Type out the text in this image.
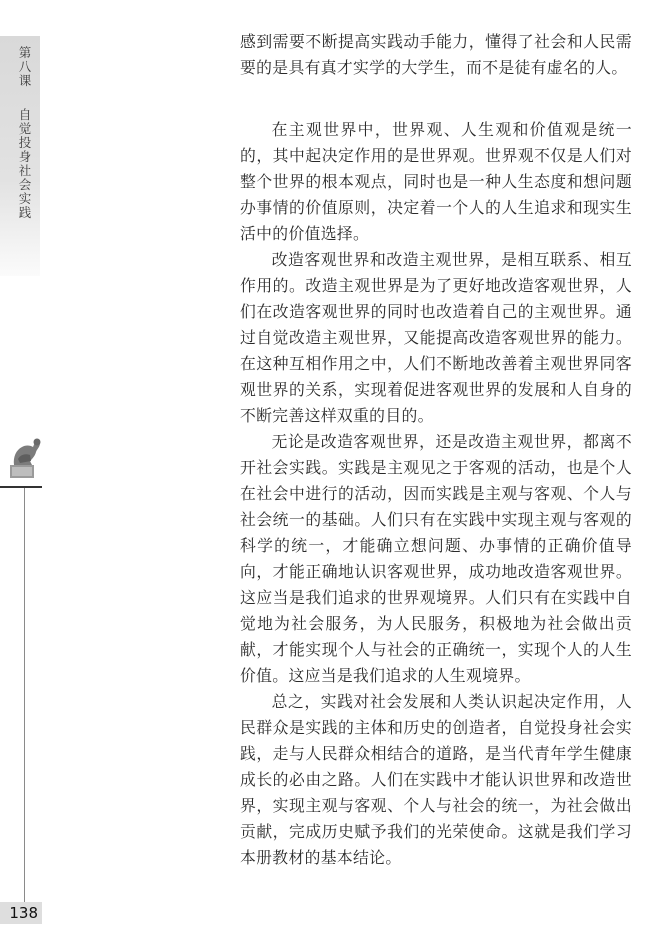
第
八
课
自
觉
投
身
社
会
实
践
138

感到需要不断提高实践动手能力，懂得了社会和人民需要的是具有真才实学的大学生，而不是徒有虚名的人。

在主观世界中，世界观、人生观和价值观是统一的，其中起决定作用的是世界观。世界观不仅是人们对整个世界的根本观点，同时也是一种人生态度和想问题办事情的价值原则，决定着一个人的人生追求和现实生活中的价值选择。

改造客观世界和改造主观世界，是相互联系、相互作用的。改造主观世界是为了更好地改造客观世界，人们在改造客观世界的同时也改造着自己的主观世界。通过自觉改造主观世界，又能提高改造客观世界的能力。在这种互相作用之中，人们不断地改善着主观世界同客观世界的关系，实现着促进客观世界的发展和人自身的不断完善这样双重的目的。

无论是改造客观世界，还是改造主观世界，都离不开社会实践。实践是主观见之于客观的活动，也是个人在社会中进行的活动，因而实践是主观与客观、个人与社会统一的基础。人们只有在实践中实现主观与客观的科学的统一，才能确立想问题、办事情的正确价值导向，才能正确地认识客观世界，成功地改造客观世界。这应当是我们追求的世界观境界。人们只有在实践中自觉地为社会服务，为人民服务，积极地为社会做出贡献，才能实现个人与社会的正确统一，实现个人的人生价值。这应当是我们追求的人生观境界。

总之，实践对社会发展和人类认识起决定作用，人民群众是实践的主体和历史的创造者，自觉投身社会实践，走与人民群众相结合的道路，是当代青年学生健康成长的必由之路。人们在实践中才能认识世界和改造世界，实现主观与客观、个人与社会的统一，为社会做出贡献，完成历史赋予我们的光荣使命。这就是我们学习本册教材的基本结论。
